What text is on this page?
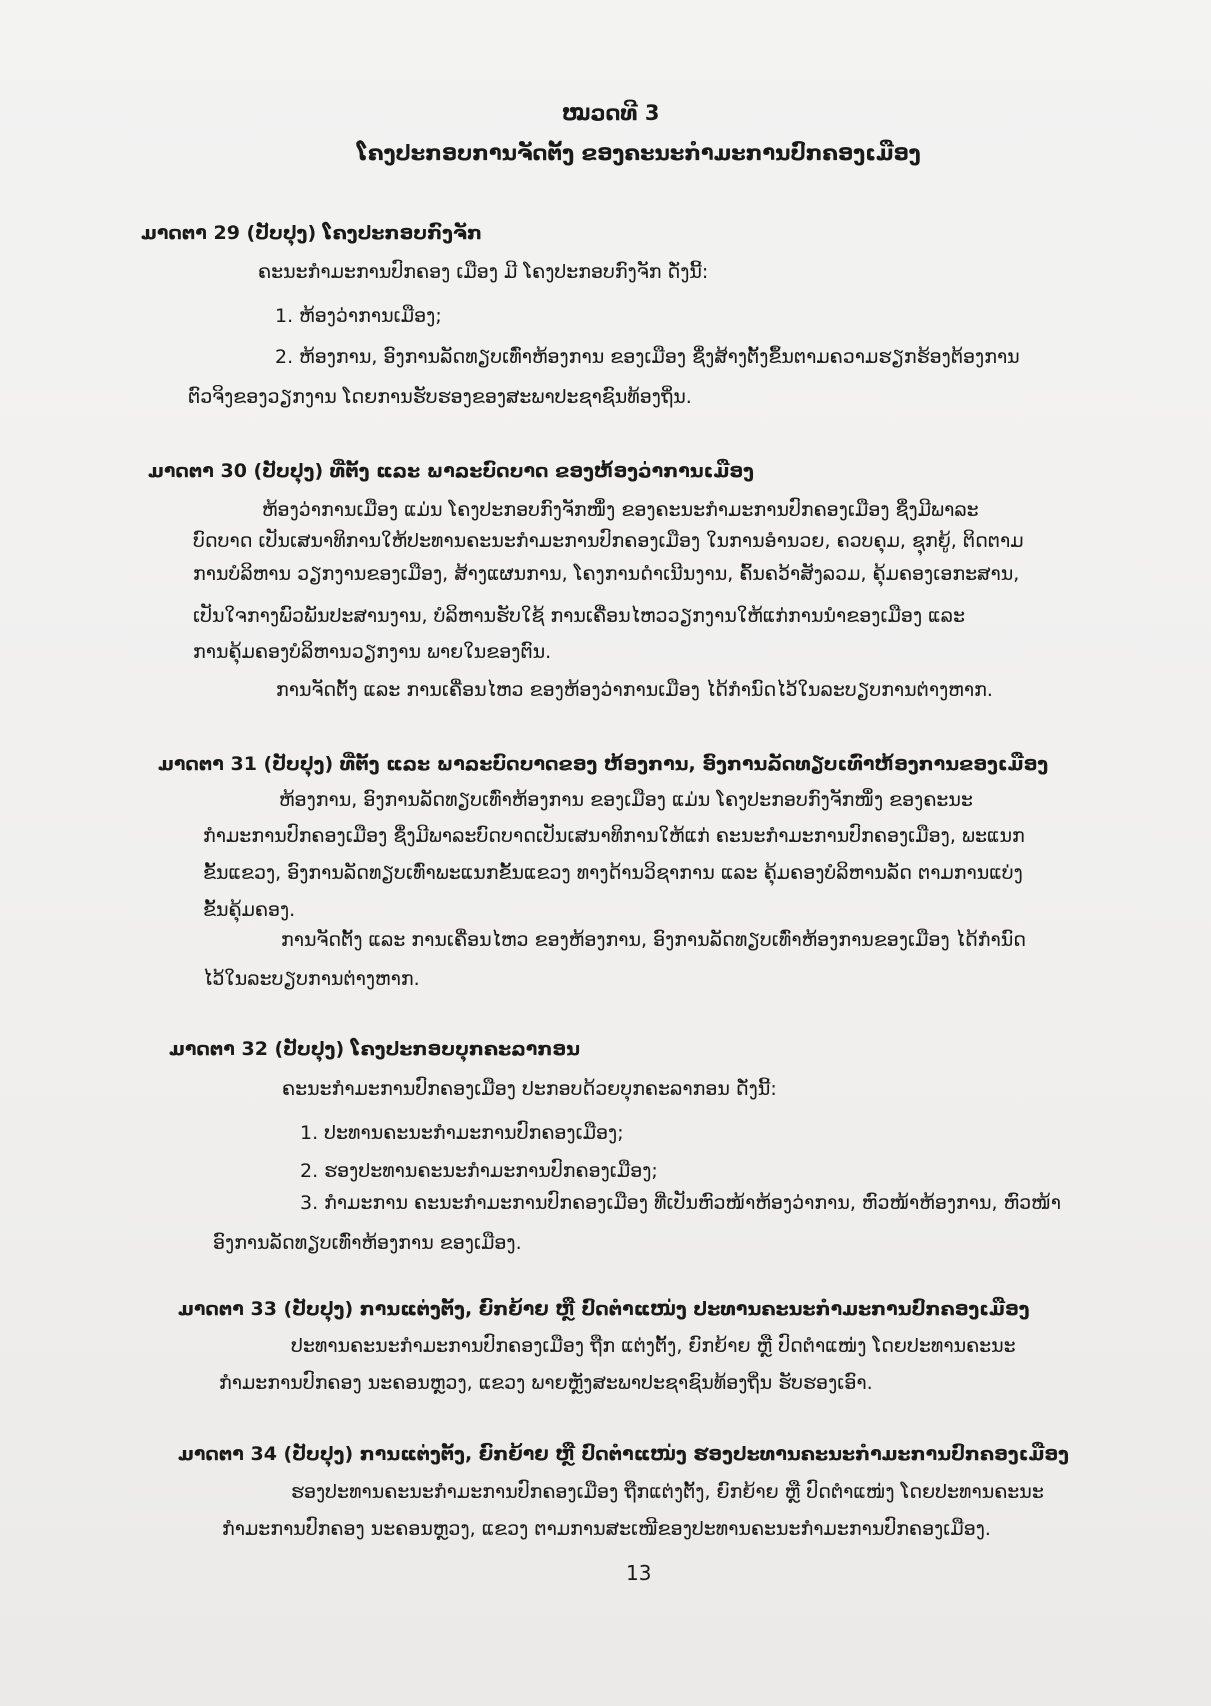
ໝວດທີ 3
ໂຄງປະກອບການຈັດຕັ້ງ ຂອງຄະນະກຳມະການປົກຄອງເມືອງ
ມາດຕາ 29 (ປັບປຸງ) ໂຄງປະກອບກົງຈັກ
ຄະນະກຳມະການປົກຄອງ ເມືອງ ມີ ໂຄງປະກອບກົງຈັກ ດັ່ງນີ້:
1. ຫ້ອງວ່າການເມືອງ;
2. ຫ້ອງການ, ອົງການລັດທຽບເທົ່າຫ້ອງການ ຂອງເມືອງ ຊຶ່ງສ້າງຕັ້ງຂຶ້ນຕາມຄວາມຮຽກຮ້ອງຕ້ອງການ
ຕົວຈິງຂອງວຽກງານ ໂດຍການຮັບຮອງຂອງສະພາປະຊາຊົນທ້ອງຖິ່ນ.
ມາດຕາ 30 (ປັບປຸງ) ທີ່ຕັ້ງ ແລະ ພາລະບົດບາດ ຂອງຫ້ອງວ່າການເມືອງ
ຫ້ອງວ່າການເມືອງ ແມ່ນ ໂຄງປະກອບກົງຈັກໜຶ່ງ ຂອງຄະນະກຳມະການປົກຄອງເມືອງ ຊຶ່ງມີພາລະ
ບົດບາດ ເປັນເສນາທິການໃຫ້ປະທານຄະນະກຳມະການປົກຄອງເມືອງ ໃນການອຳນວຍ, ຄວບຄຸມ, ຊຸກຍູ້, ຕິດຕາມ
ການບໍລິຫານ ວຽກງານຂອງເມືອງ, ສ້າງແຜນການ, ໂຄງການດຳເນີນງານ, ຄົ້ນຄວ້າສັງລວມ, ຄຸ້ມຄອງເອກະສານ,
ເປັນໃຈກາງພົວພັນປະສານງານ, ບໍລິຫານຮັບໃຊ້ ການເຄື່ອນໄຫວວຽກງານໃຫ້ແກ່ການນຳຂອງເມືອງ ແລະ
ການຄຸ້ມຄອງບໍລິຫານວຽກງານ ພາຍໃນຂອງຕົນ.
ການຈັດຕັ້ງ ແລະ ການເຄື່ອນໄຫວ ຂອງຫ້ອງວ່າການເມືອງ ໄດ້ກຳນົດໄວ້ໃນລະບຽບການຕ່າງຫາກ.
ມາດຕາ 31 (ປັບປຸງ) ທີ່ຕັ້ງ ແລະ ພາລະບົດບາດຂອງ ຫ້ອງການ, ອົງການລັດທຽບເທົ່າຫ້ອງການຂອງເມືອງ
ຫ້ອງການ, ອົງການລັດທຽບເທົ່າຫ້ອງການ ຂອງເມືອງ ແມ່ນ ໂຄງປະກອບກົງຈັກໜຶ່ງ ຂອງຄະນະ
ກຳມະການປົກຄອງເມືອງ ຊຶ່ງມີພາລະບົດບາດເປັນເສນາທິການໃຫ້ແກ່ ຄະນະກຳມະການປົກຄອງເມືອງ, ພະແນກ
ຂັ້ນແຂວງ, ອົງການລັດທຽບເທົ່າພະແນກຂັ້ນແຂວງ ທາງດ້ານວິຊາການ ແລະ ຄຸ້ມຄອງບໍລິຫານລັດ ຕາມການແບ່ງ
ຂັ້ນຄຸ້ມຄອງ.
ການຈັດຕັ້ງ ແລະ ການເຄື່ອນໄຫວ ຂອງຫ້ອງການ, ອົງການລັດທຽບເທົ່າຫ້ອງການຂອງເມືອງ ໄດ້ກຳນົດ
ໄວ້ໃນລະບຽບການຕ່າງຫາກ.
ມາດຕາ 32 (ປັບປຸງ) ໂຄງປະກອບບຸກຄະລາກອນ
ຄະນະກຳມະການປົກຄອງເມືອງ ປະກອບດ້ວຍບຸກຄະລາກອນ ດັ່ງນີ້:
1. ປະທານຄະນະກຳມະການປົກຄອງເມືອງ;
2. ຮອງປະທານຄະນະກຳມະການປົກຄອງເມືອງ;
3. ກຳມະການ ຄະນະກຳມະການປົກຄອງເມືອງ ທີ່ເປັນຫົວໜ້າຫ້ອງວ່າການ, ຫົວໜ້າຫ້ອງການ, ຫົວໜ້າ
ອົງການລັດທຽບເທົ່າຫ້ອງການ ຂອງເມືອງ.
ມາດຕາ 33 (ປັບປຸງ) ການແຕ່ງຕັ້ງ, ຍົກຍ້າຍ ຫຼື ປົດຕຳແໜ່ງ ປະທານຄະນະກຳມະການປົກຄອງເມືອງ
ປະທານຄະນະກຳມະການປົກຄອງເມືອງ ຖືກ ແຕ່ງຕັ້ງ, ຍົກຍ້າຍ ຫຼື ປົດຕຳແໜ່ງ ໂດຍປະທານຄະນະ
ກຳມະການປົກຄອງ ນະຄອນຫຼວງ, ແຂວງ ພາຍຫຼັງສະພາປະຊາຊົນທ້ອງຖິ່ນ ຮັບຮອງເອົາ.
ມາດຕາ 34 (ປັບປຸງ) ການແຕ່ງຕັ້ງ, ຍົກຍ້າຍ ຫຼື ປົດຕຳແໜ່ງ ຮອງປະທານຄະນະກຳມະການປົກຄອງເມືອງ
ຮອງປະທານຄະນະກຳມະການປົກຄອງເມືອງ ຖືກແຕ່ງຕັ້ງ, ຍົກຍ້າຍ ຫຼື ປົດຕຳແໜ່ງ ໂດຍປະທານຄະນະ
ກຳມະການປົກຄອງ ນະຄອນຫຼວງ, ແຂວງ ຕາມການສະເໜີຂອງປະທານຄະນະກຳມະການປົກຄອງເມືອງ.
13
